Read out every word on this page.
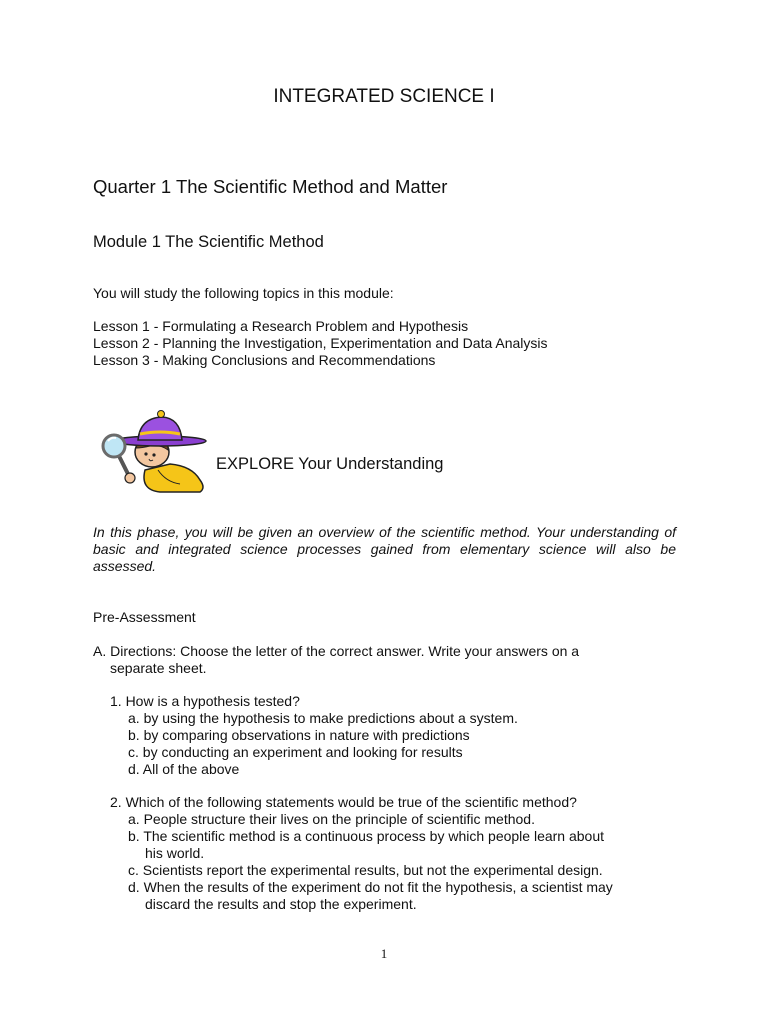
INTEGRATED SCIENCE I
Quarter 1 The Scientific Method and Matter
Module 1 The Scientific Method
You will study the following topics in this module:
Lesson 1 - Formulating a Research Problem and Hypothesis
Lesson 2 - Planning the Investigation, Experimentation and Data Analysis
Lesson 3 - Making Conclusions and Recommendations
EXPLORE Your Understanding
In this phase, you will be given an overview of the scientific method. Your understanding of basic and integrated science processes gained from elementary science will also be assessed.
Pre-Assessment
A. Directions: Choose the letter of the correct answer. Write your answers on a
separate sheet.
1. How is a hypothesis tested?
a. by using the hypothesis to make predictions about a system.
b. by comparing observations in nature with predictions
c. by conducting an experiment and looking for results
d. All of the above
2. Which of the following statements would be true of the scientific method?
a. People structure their lives on the principle of scientific method.
b. The scientific method is a continuous process by which people learn about
his world.
c. Scientists report the experimental results, but not the experimental design.
d. When the results of the experiment do not fit the hypothesis, a scientist may
discard the results and stop the experiment.
1
